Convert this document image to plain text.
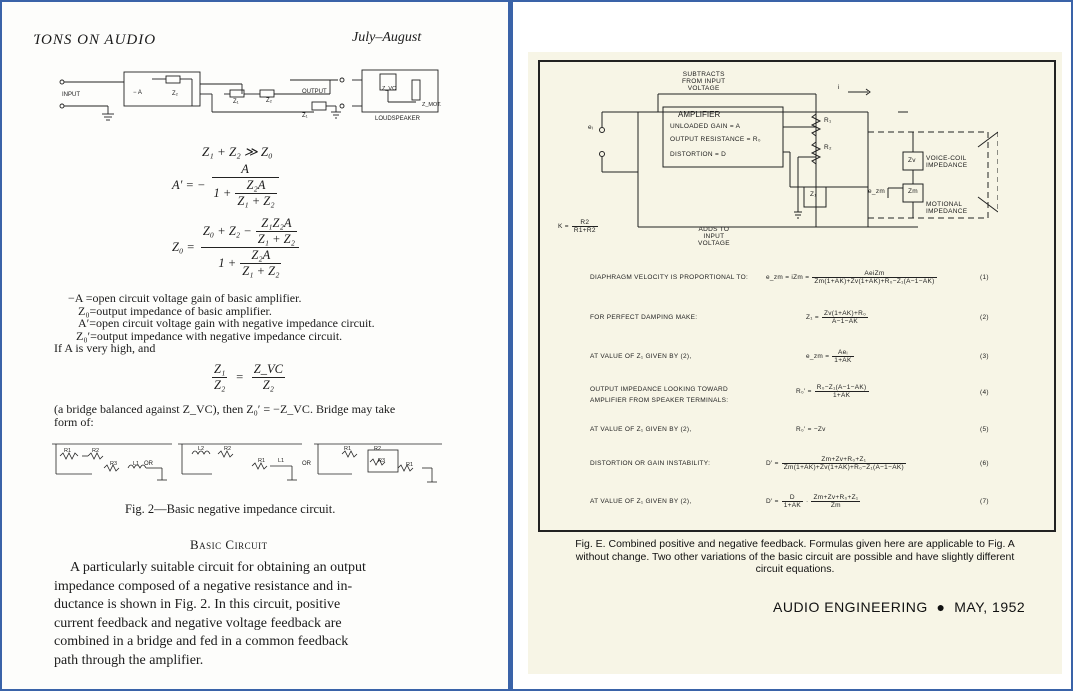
ΊONS ON AUDIO	July–August
INPUT	− A	Z₂	OUTPUT
Z₁	Z₂
Z₁
Z_VC
Z_MOT.
LOUDSPEAKER
Z₁ + Z₂ ≫ Z₀
A′ = − $\frac{A}{1 + \frac{\text{Z₂A}}{\text{Z₁ + Z₂}}}$
$Z_0 = \frac{Z_0 + Z_2 - \frac{\text{Z₁Z₂A}}{\text{Z₁ + Z₂}}}{1 + \frac{\text{Z₂A}}{\text{Z₁ + Z₂}}}$
−A =open circuit voltage gain of basic amplifier.
Z₀=output impedance of basic amplifier.
A′=open circuit voltage gain with negative impedance circuit.
Z₀′=output impedance with negative impedance circuit.
If A is very high, and
$\frac{\text{Z₁}}{\text{Z₂}} = \frac{Z\_VC}{\text{Z₂}}$
(a bridge balanced against Z_VC), then Z₀′ = −Z_VC. Bridge may take
form of:
OR	OR
R1	R2
R3	L1
L2	R2
R1 L1
R1	R2
R3
R1
Fig. 2—Basic negative impedance circuit.
Basic Circuit
A particularly suitable circuit for obtaining an output
impedance composed of a negative resistance and in-
ductance is shown in Fig. 2. In this circuit, positive
current feedback and negative voltage feedback are
combined in a bridge and fed in a common feedback
path through the amplifier.
SUBTRACTS
FROM INPUT
VOLTAGE	i
eᵢ
AMPLIFIER
UNLOADED GAIN = A
OUTPUT RESISTANCE = R₀
DISTORTION = D
R₁
R₂
Z₁
Zv
Zm
e_zm
VOICE-COIL
IMPEDANCE
MOTIONAL
IMPEDANCE
$K = \frac{R2}{R1+R2}$	ADDS TO
INPUT
VOLTAGE
DIAPHRAGM VELOCITY IS PROPORTIONAL TO:	e_zm = iZm = $\frac{\text{AeiZm}}{\text{Zm(1+AK)+Zv(1+AK)+R₀−Z₁(A−1−AK)}}$	(1)
FOR PERFECT DAMPING MAKE:	$Z_1 = \frac{\text{Zv(1+AK)+R₀}}{A-1-AK}$	(2)
AT VALUE OF Z₁ GIVEN BY (2),	e_zm = $\frac{\text{Aeᵢ}}{1+AK}$	(3)
OUTPUT IMPEDANCE LOOKING TOWARD
AMPLIFIER FROM SPEAKER TERMINALS:
$R_0' = \frac{\text{R₀−Z₁(A−1−AK)}}{1+AK}$	(4)
AT VALUE OF Z₁ GIVEN BY (2),	R₀′ = −Zv	(5)
DISTORTION OR GAIN INSTABILITY:	$D' = \frac{\text{Zm+Zv+R₀+Z₁}}{\text{Zm(1+AK)+Zv(1+AK)+R₀−Z₁(A−1−AK)}}$	(6)
AT VALUE OF Z₁ GIVEN BY (2),	$D' = \frac{D}{1+AK} \cdot \frac{\text{Zm+Zv+R₀+Z₁}}{Zm}$	(7)
Fig. E. Combined positive and negative feedback. Formulas given here are applicable to Fig. A
without change. Two other variations of the basic circuit are possible and have slightly different
circuit equations.
AUDIO ENGINEERING  ●  MAY, 1952
